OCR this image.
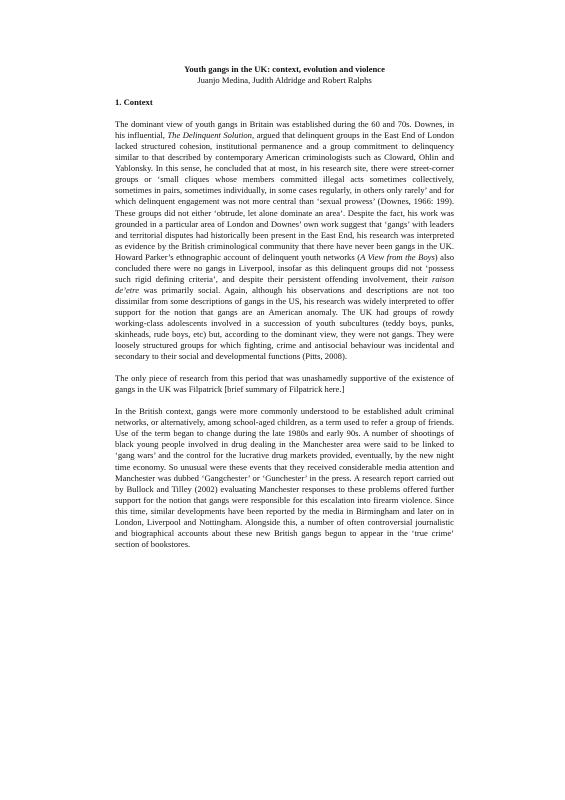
Youth gangs in the UK: context, evolution and violence
Juanjo Medina, Judith Aldridge and Robert Ralphs
1. Context

The dominant view of youth gangs in Britain was established during the 60 and 70s. Downes, in his influential, The Delinquent Solution, argued that delinquent groups in the East End of London lacked structured cohesion, institutional permanence and a group commitment to delinquency similar to that described by contemporary American criminologists such as Cloward, Ohlin and Yablonsky. In this sense, he concluded that at most, in his research site, there were street-corner groups or ‘small cliques whose members committed illegal acts sometimes collectively, sometimes in pairs, sometimes individually, in some cases regularly, in others only rarely’ and for which delinquent engagement was not more central than ‘sexual prowess’ (Downes, 1966: 199). These groups did not either ‘obtrude, let alone dominate an area’. Despite the fact, his work was grounded in a particular area of London and Downes’ own work suggest that ‘gangs’ with leaders and territorial disputes had historically been present in the East End, his research was interpreted as evidence by the British criminological community that there have never been gangs in the UK. Howard Parker’s ethnographic account of delinquent youth networks (A View from the Boys) also concluded there were no gangs in Liverpool, insofar as this delinquent groups did not ‘possess such rigid defining criteria’, and despite their persistent offending involvement, their raison de’etre was primarily social. Again, although his observations and descriptions are not too dissimilar from some descriptions of gangs in the US, his research was widely interpreted to offer support for the notion that gangs are an American anomaly. The UK had groups of rowdy working-class adolescents involved in a succession of youth subcultures (teddy boys, punks, skinheads, rude boys, etc) but, according to the dominant view, they were not gangs. They were loosely structured groups for which fighting, crime and antisocial behaviour was incidental and secondary to their social and developmental functions (Pitts, 2008).

The only piece of research from this period that was unashamedly supportive of the existence of gangs in the UK was Filpatrick [brief summary of Filpatrick here.]

In the British context, gangs were more commonly understood to be established adult criminal networks, or alternatively, among school-aged children, as a term used to refer a group of friends. Use of the term began to change during the late 1980s and early 90s. A number of shootings of black young people involved in drug dealing in the Manchester area were said to be linked to ‘gang wars’ and the control for the lucrative drug markets provided, eventually, by the new night time economy. So unusual were these events that they received considerable media attention and Manchester was dubbed ‘Gangchester’ or ‘Gunchester’ in the press. A research report carried out by Bullock and Tilley (2002) evaluating Manchester responses to these problems offered further support for the notion that gangs were responsible for this escalation into firearm violence. Since this time, similar developments have been reported by the media in Birmingham and later on in London, Liverpool and Nottingham. Alongside this, a number of often controversial journalistic and biographical accounts about these new British gangs begun to appear in the ‘true crime’ section of bookstores.
